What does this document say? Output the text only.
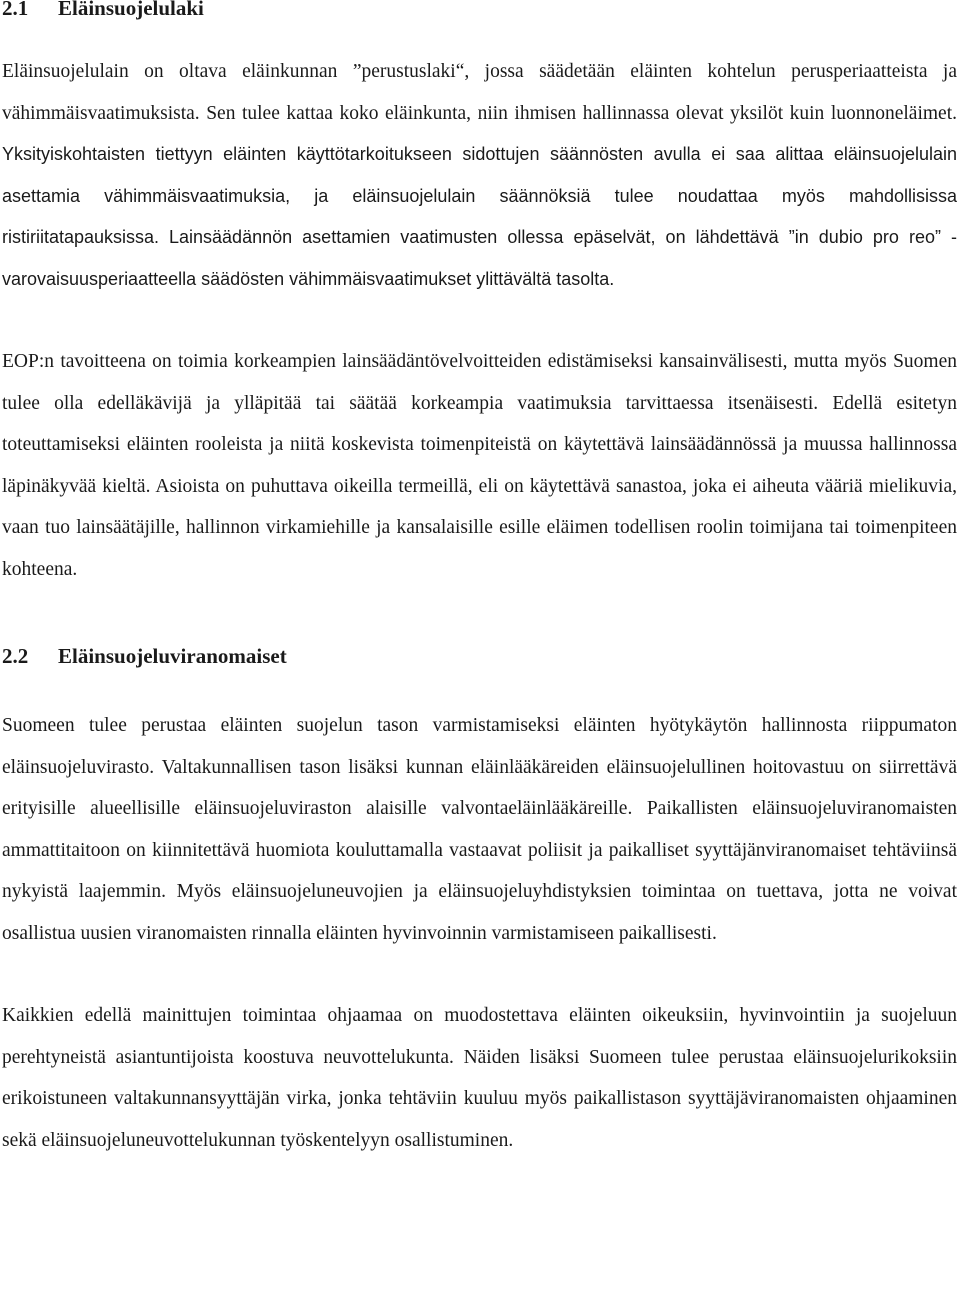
2.1 Eläinsuojelulaki

Eläinsuojelulain on oltava eläinkunnan ”perustuslaki“, jossa säädetään eläinten kohtelun perusperiaatteista ja vähimmäisvaatimuksista. Sen tulee kattaa koko eläinkunta, niin ihmisen hallinnassa olevat yksilöt kuin luonnoneläimet. Yksityiskohtaisten tiettyyn eläinten käyttötarkoitukseen sidottujen säännösten avulla ei saa alittaa eläinsuojelulain asettamia vähimmäisvaatimuksia, ja eläinsuojelulain säännöksiä tulee noudattaa myös mahdollisissa ristiriitatapauksissa. Lainsäädännön asettamien vaatimusten ollessa epäselvät, on lähdettävä ”in dubio pro reo” -varovaisuusperiaatteella säädösten vähimmäisvaatimukset ylittävältä tasolta.

EOP:n tavoitteena on toimia korkeampien lainsäädäntövelvoitteiden edistämiseksi kansainvälisesti, mutta myös Suomen tulee olla edelläkävijä ja ylläpitää tai säätää korkeampia vaatimuksia tarvittaessa itsenäisesti. Edellä esitetyn toteuttamiseksi eläinten rooleista ja niitä koskevista toimenpiteistä on käytettävä lainsäädännössä ja muussa hallinnossa läpinäkyvää kieltä. Asioista on puhuttava oikeilla termeillä, eli on käytettävä sanastoa, joka ei aiheuta vääriä mielikuvia, vaan tuo lainsäätäjille, hallinnon virkamiehille ja kansalaisille esille eläimen todellisen roolin toimijana tai toimenpiteen kohteena.

2.2 Eläinsuojeluviranomaiset

Suomeen tulee perustaa eläinten suojelun tason varmistamiseksi eläinten hyötykäytön hallinnosta riippumaton eläinsuojeluvirasto. Valtakunnallisen tason lisäksi kunnan eläinlääkäreiden eläinsuojelullinen hoitovastuu on siirrettävä erityisille alueellisille eläinsuojeluviraston alaisille valvontaeläinlääkäreille. Paikallisten eläinsuojeluviranomaisten ammattitaitoon on kiinnitettävä huomiota kouluttamalla vastaavat poliisit ja paikalliset syyttäjänviranomaiset tehtäviinsä nykyistä laajemmin. Myös eläinsuojeluneuvojien ja eläinsuojeluyhdistyksien toimintaa on tuettava, jotta ne voivat osallistua uusien viranomaisten rinnalla eläinten hyvinvoinnin varmistamiseen paikallisesti.

Kaikkien edellä mainittujen toimintaa ohjaamaa on muodostettava eläinten oikeuksiin, hyvinvointiin ja suojeluun perehtyneistä asiantuntijoista koostuva neuvottelukunta. Näiden lisäksi Suomeen tulee perustaa eläinsuojelurikoksiin erikoistuneen valtakunnansyyttäjän virka, jonka tehtäviin kuuluu myös paikallistason syyttäjäviranomaisten ohjaaminen sekä eläinsuojeluneuvottelukunnan työskentelyyn osallistuminen.
